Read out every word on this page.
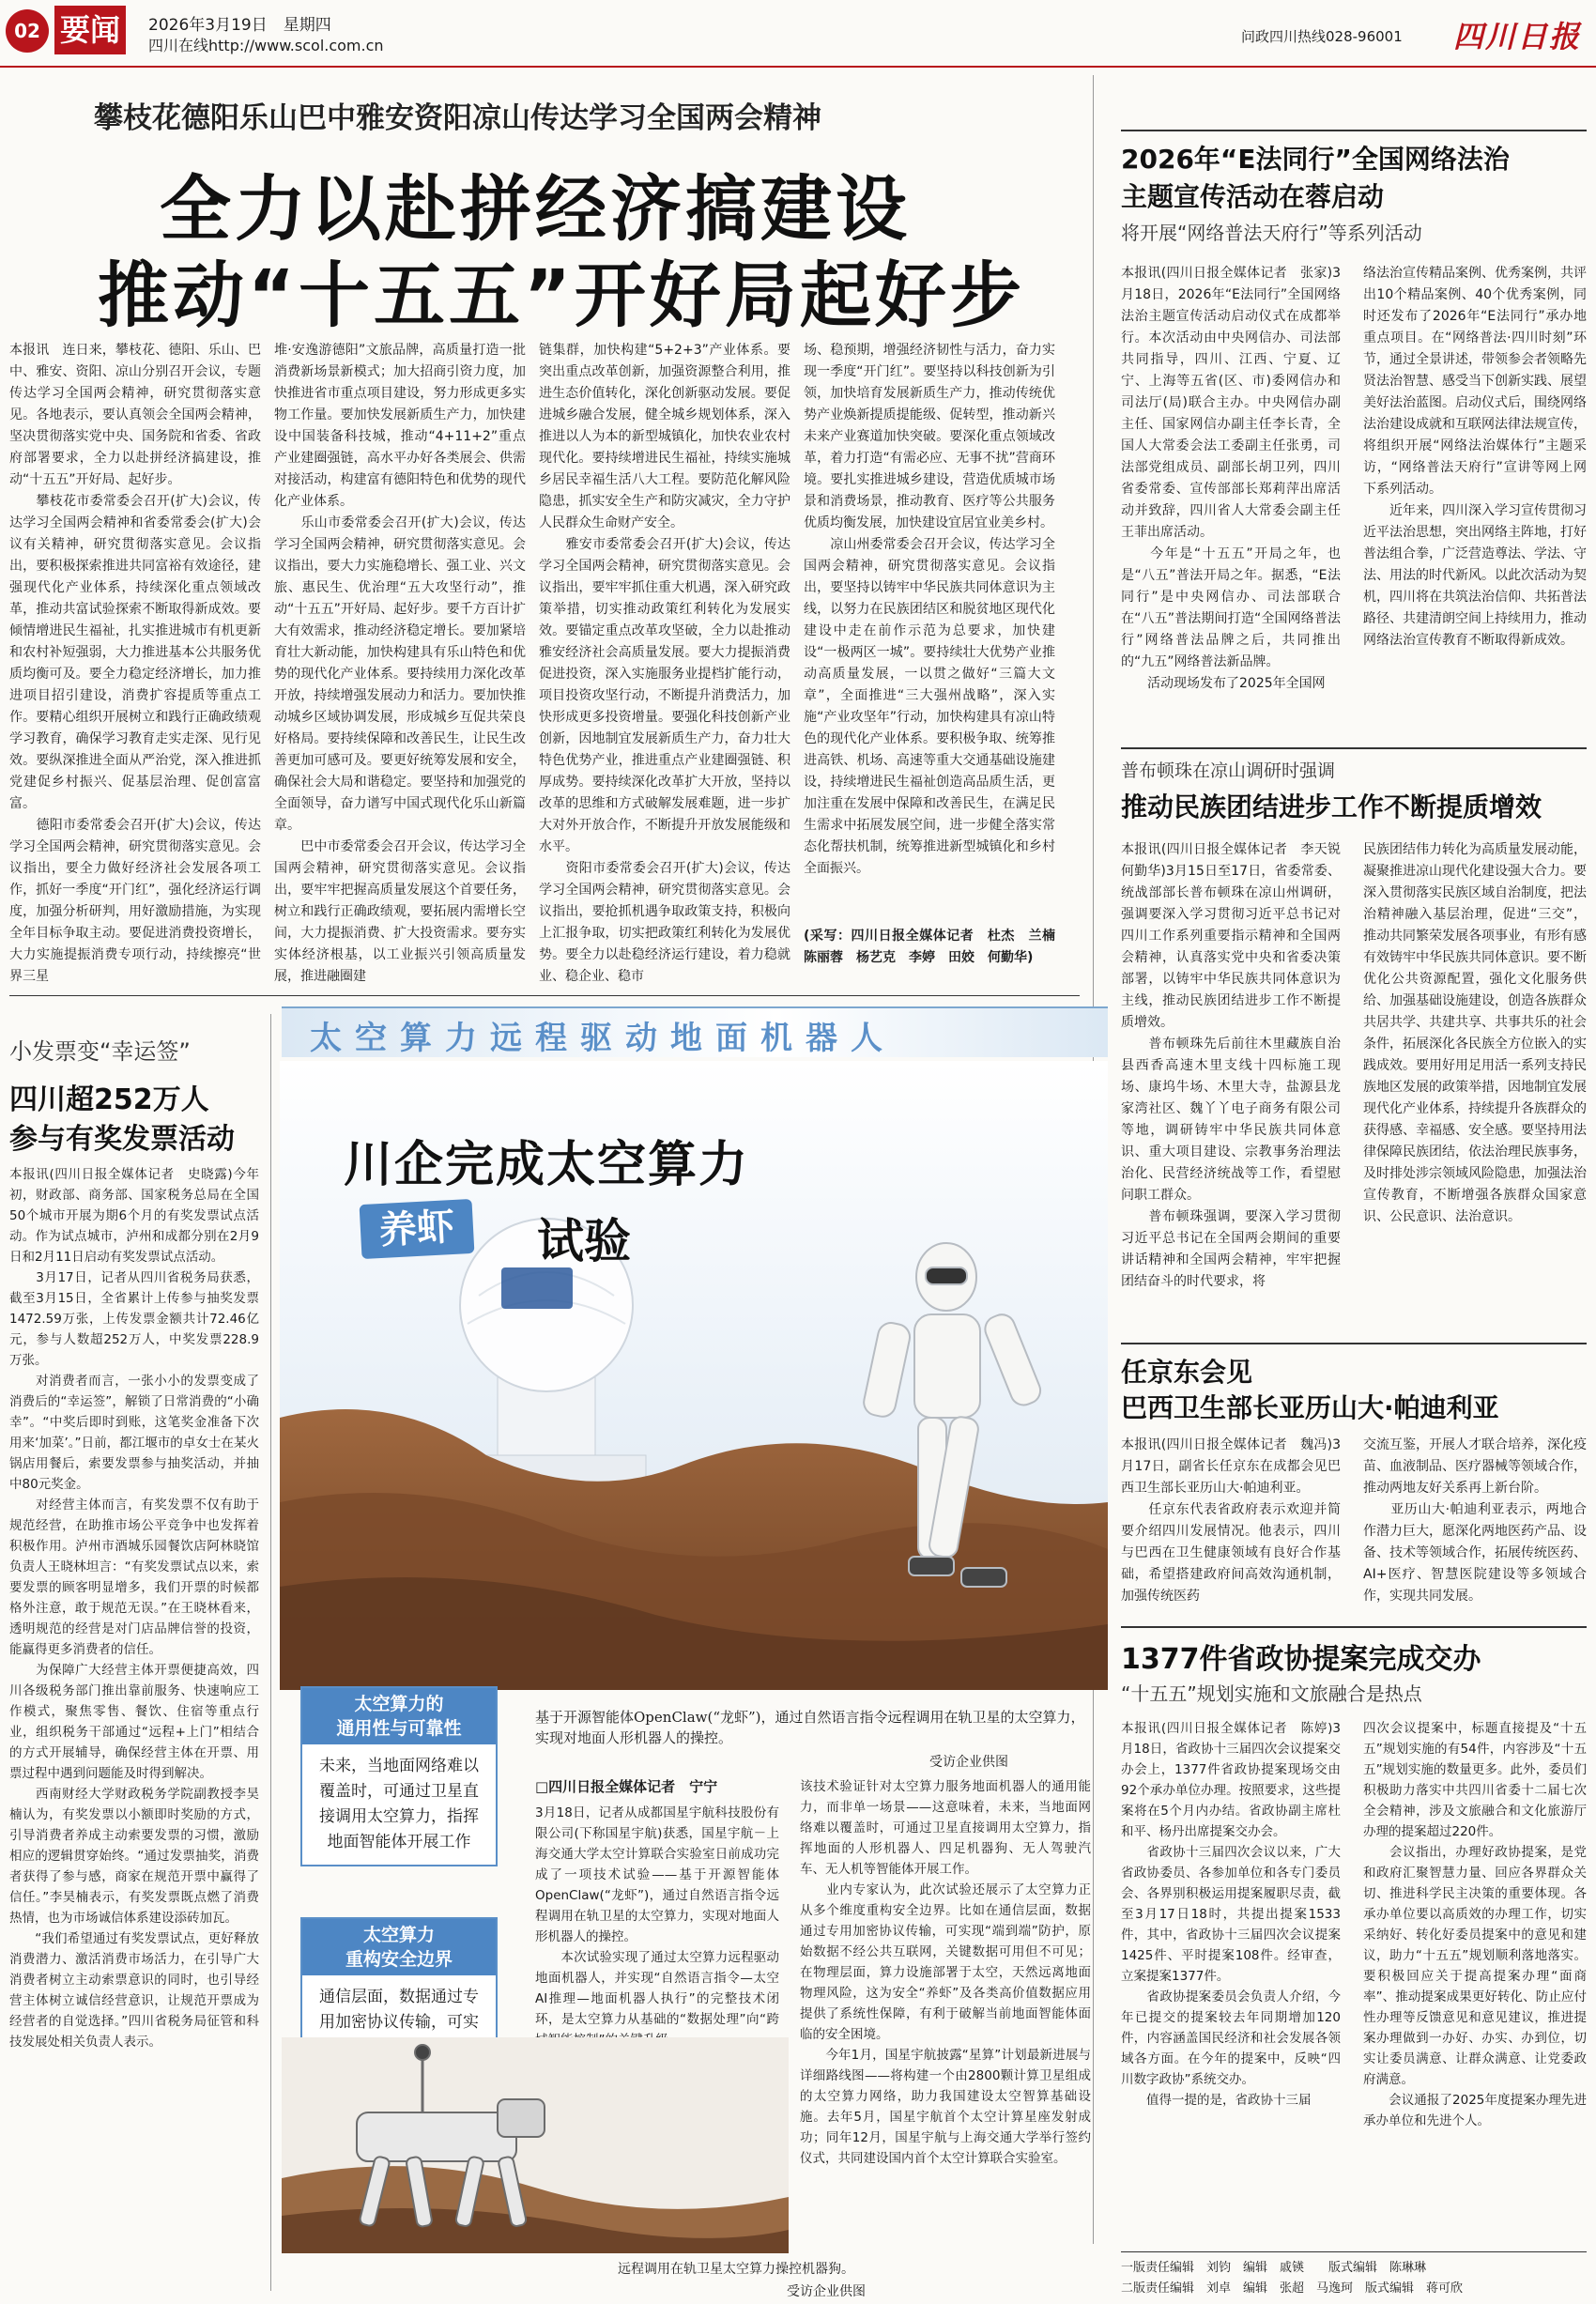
02 要闻	2026年3月19日　星期四
四川在线http://www.scol.com.cn	问政四川热线028-96001 四川日报
攀枝花德阳乐山巴中雅安资阳凉山传达学习全国两会精神
全力以赴拼经济搞建设
推动“十五五”开好局起好步
本报讯　连日来，攀枝花、德阳、乐山、巴中、雅安、资阳、凉山分别召开会议，专题传达学习全国两会精神，研究贯彻落实意见。各地表示，要认真领会全国两会精神，坚决贯彻落实党中央、国务院和省委、省政府部署要求，全力以赴拼经济搞建设，推动“十五五”开好局、起好步。
　　攀枝花市委常委会召开(扩大)会议，传达学习全国两会精神和省委常委会(扩大)会议有关精神，研究贯彻落实意见。会议指出，要积极探索推进共同富裕有效途径，建强现代化产业体系，持续深化重点领域改革，推动共富试验探索不断取得新成效。要倾情增进民生福祉，扎实推进城市有机更新和农村补短强弱，大力推进基本公共服务优质均衡可及。要全力稳定经济增长，加力推进项目招引建设，消费扩容提质等重点工作。要精心组织开展树立和践行正确政绩观学习教育，确保学习教育走实走深、见行见效。要纵深推进全面从严治党，深入推进抓党建促乡村振兴、促基层治理、促创富富富。
　　德阳市委常委会召开(扩大)会议，传达学习全国两会精神，研究贯彻落实意见。会议指出，要全力做好经济社会发展各项工作，抓好一季度“开门红”，强化经济运行调度，加强分析研判，用好激励措施，为实现全年目标争取主动。要促进消费投资增长，大力实施提振消费专项行动，持续擦亮“世界三星
堆·安逸游德阳”文旅品牌，高质量打造一批消费新场景新模式；加大招商引资力度，加快推进省市重点项目建设，努力形成更多实物工作量。要加快发展新质生产力，加快建设中国装备科技城，推动“4+11+2”重点产业建圈强链，高水平办好各类展会、供需对接活动，构建富有德阳特色和优势的现代化产业体系。
　　乐山市委常委会召开(扩大)会议，传达学习全国两会精神，研究贯彻落实意见。会议指出，要大力实施稳增长、强工业、兴文旅、惠民生、优治理“五大攻坚行动”，推动“十五五”开好局、起好步。要千方百计扩大有效需求，推动经济稳定增长。要加紧培育壮大新动能，加快构建具有乐山特色和优势的现代化产业体系。要持续用力深化改革开放，持续增强发展动力和活力。要加快推动城乡区域协调发展，形成城乡互促共荣良好格局。要持续保障和改善民生，让民生改善更加可感可及。要更好统筹发展和安全，确保社会大局和谐稳定。要坚持和加强党的全面领导，奋力谱写中国式现代化乐山新篇章。
　　巴中市委常委会召开会议，传达学习全国两会精神，研究贯彻落实意见。会议指出，要牢牢把握高质量发展这个首要任务，树立和践行正确政绩观，要拓展内需增长空间，大力提振消费、扩大投资需求。要夯实实体经济根基，以工业振兴引领高质量发展，推进融圈建
链集群，加快构建“5+2+3”产业体系。要突出重点改革创新，加强资源整合利用，推进生态价值转化，深化创新驱动发展。要促进城乡融合发展，健全城乡规划体系，深入推进以人为本的新型城镇化，加快农业农村现代化。要持续增进民生福祉，持续实施城乡居民幸福生活八大工程。要防范化解风险隐患，抓实安全生产和防灾减灾，全力守护人民群众生命财产安全。
　　雅安市委常委会召开(扩大)会议，传达学习全国两会精神，研究贯彻落实意见。会议指出，要牢牢抓住重大机遇，深入研究政策举措，切实推动政策红利转化为发展实效。要锚定重点改革攻坚破，全力以赴推动雅安经济社会高质量发展。要大力提振消费促进投资，深入实施服务业提档扩能行动，项目投资攻坚行动，不断提升消费活力，加快形成更多投资增量。要强化科技创新产业创新，因地制宜发展新质生产力，奋力壮大特色优势产业，推进重点产业建圈强链、积厚成势。要持续深化改革扩大开放，坚持以改革的思维和方式破解发展难题，进一步扩大对外开放合作，不断提升开放发展能级和水平。
　　资阳市委常委会召开(扩大)会议，传达学习全国两会精神，研究贯彻落实意见。会议指出，要抢抓机遇争取政策支持，积极向上汇报争取，切实把政策红利转化为发展优势。要全力以赴稳经济运行建设，着力稳就业、稳企业、稳市
场、稳预期，增强经济韧性与活力，奋力实现一季度“开门红”。要坚持以科技创新为引领，加快培育发展新质生产力，推动传统优势产业焕新提质提能级、促转型，推动新兴未来产业赛道加快突破。要深化重点领域改革，着力打造“有需必应、无事不扰”营商环境。要扎实推进城乡建设，营造优质城市场景和消费场景，推动教育、医疗等公共服务优质均衡发展，加快建设宜居宜业美乡村。
　　凉山州委常委会召开会议，传达学习全国两会精神，研究贯彻落实意见。会议指出，要坚持以铸牢中华民族共同体意识为主线，以努力在民族团结区和脱贫地区现代化建设中走在前作示范为总要求，加快建设“一极两区一城”。要持续壮大优势产业推动高质量发展，一以贯之做好“三篇大文章”，全面推进“三大强州战略”，深入实施“产业攻坚年”行动，加快构建具有凉山特色的现代化产业体系。要积极争取、统筹推进高铁、机场、高速等重大交通基础设施建设，持续增进民生福祉创造高品质生活，更加注重在发展中保障和改善民生，在满足民生需求中拓展发展空间，进一步健全落实常态化帮扶机制，统筹推进新型城镇化和乡村全面振兴。
(采写：四川日报全媒体记者　杜杰　兰楠　陈丽蓉　杨艺克　李婷　田姣　何勤华)
2026年“E法同行”全国网络法治
主题宣传活动在蓉启动
将开展“网络普法天府行”等系列活动
本报讯(四川日报全媒体记者　张家)3月18日，2026年“E法同行”全国网络法治主题宣传活动启动仪式在成都举行。本次活动由中央网信办、司法部共同指导，四川、江西、宁夏、辽宁、上海等五省(区、市)委网信办和司法厅(局)联合主办。中央网信办副主任、国家网信办副主任李长青，全国人大常委会法工委副主任张勇，司法部党组成员、副部长胡卫列，四川省委常委、宣传部部长郑莉萍出席活动并致辞，四川省人大常委会副主任王菲出席活动。
　　今年是“十五五”开局之年，也是“八五”普法开局之年。据悉，“E法同行”是中央网信办、司法部联合在“八五”普法期间打造“全国网络普法行”网络普法品牌之后，共同推出的“九五”网络普法新品牌。
　　活动现场发布了2025年全国网
络法治宣传精品案例、优秀案例，共评出10个精品案例、40个优秀案例，同时还发布了2026年“E法同行”承办地重点项目。在“网络普法·四川时刻”环节，通过全景讲述，带领参会者领略先贤法治智慧、感受当下创新实践、展望美好法治蓝图。启动仪式后，围绕网络法治建设成就和互联网法律法规宣传，将组织开展“网络法治媒体行”主题采访，“网络普法天府行”宣讲等网上网下系列活动。
　　近年来，四川深入学习宣传贯彻习近平法治思想，突出网络主阵地，打好普法组合拳，广泛营造尊法、学法、守法、用法的时代新风。以此次活动为契机，四川将在共筑法治信仰、共拓普法路径、共建清朗空间上持续用力，推动网络法治宣传教育不断取得新成效。
普布顿珠在凉山调研时强调
推动民族团结进步工作不断提质增效
本报讯(四川日报全媒体记者　李天锐　何勤华)3月15日至17日，省委常委、统战部部长普布顿珠在凉山州调研，强调要深入学习贯彻习近平总书记对四川工作系列重要指示精神和全国两会精神，认真落实党中央和省委决策部署，以铸牢中华民族共同体意识为主线，推动民族团结进步工作不断提质增效。
　　普布顿珠先后前往木里藏族自治县西香高速木里支线十四标施工现场、康坞牛场、木里大寺，盐源县龙家湾社区、魏丫丫电子商务有限公司等地，调研铸牢中华民族共同体意识、重大项目建设、宗教事务治理法治化、民营经济统战等工作，看望慰问职工群众。
　　普布顿珠强调，要深入学习贯彻习近平总书记在全国两会期间的重要讲话精神和全国两会精神，牢牢把握团结奋斗的时代要求，将
民族团结伟力转化为高质量发展动能，凝聚推进凉山现代化建设强大合力。要深入贯彻落实民族区域自治制度，把法治精神融入基层治理，促进“三交”，推动共同繁荣发展各项事业，有形有感有效铸牢中华民族共同体意识。要不断优化公共资源配置，强化文化服务供给、加强基础设施建设，创造各族群众共居共学、共建共享、共事共乐的社会条件，拓展深化各民族全方位嵌入的实践成效。要用好用足用活一系列支持民族地区发展的政策举措，因地制宜发展现代化产业体系，持续提升各族群众的获得感、幸福感、安全感。要坚持用法律保障民族团结，依法治理民族事务，及时排处涉宗领域风险隐患，加强法治宣传教育，不断增强各族群众国家意识、公民意识、法治意识。
任京东会见
巴西卫生部长亚历山大·帕迪利亚
本报讯(四川日报全媒体记者　魏冯)3月17日，副省长任京东在成都会见巴西卫生部长亚历山大·帕迪利亚。
　　任京东代表省政府表示欢迎并简要介绍四川发展情况。他表示，四川与巴西在卫生健康领域有良好合作基础，希望搭建政府间高效沟通机制，加强传统医药
交流互鉴，开展人才联合培养，深化疫苗、血液制品、医疗器械等领域合作，推动两地友好关系再上新台阶。
　　亚历山大·帕迪利亚表示，两地合作潜力巨大，愿深化两地医药产品、设备、技术等领域合作，拓展传统医药、AI+医疗、智慧医院建设等多领域合作，实现共同发展。
1377件省政协提案完成交办
“十五五”规划实施和文旅融合是热点
本报讯(四川日报全媒体记者　陈婷)3月18日，省政协十三届四次会议提案交办会上，1377件省政协提案现场交由92个承办单位办理。按照要求，这些提案将在5个月内办结。省政协副主席杜和平、杨丹出席提案交办会。
　　省政协十三届四次会议以来，广大省政协委员、各参加单位和各专门委员会、各界别积极运用提案履职尽责，截至3月17日18时，共提出提案1533件，其中，省政协十三届四次会议提案1425件、平时提案108件。经审查，立案提案1377件。
　　省政协提案委员会负责人介绍，今年已提交的提案较去年同期增加120件，内容涵盖国民经济和社会发展各领域各方面。在今年的提案中，反映“四川数字政协”系统交办。
　　值得一提的是，省政协十三届
四次会议提案中，标题直接提及“十五五”规划实施的有54件，内容涉及“十五五”规划实施的数量更多。此外，委员们积极助力落实中共四川省委十二届七次全会精神，涉及文旅融合和文化旅游厅办理的提案超过220件。
　　会议指出，办理好政协提案，是党和政府汇聚智慧力量、回应各界群众关切、推进科学民主决策的重要体现。各承办单位要以高质效的办理工作，切实采纳好、转化好委员提案中的意见和建议，助力“十五五”规划顺利落地落实。要积极回应关于提高提案办理“面商率”、推动提案成果更好转化、防止应付性办理等反馈意见和意见建议，推进提案办理做到一办好、办实、办到位，切实让委员满意、让群众满意、让党委政府满意。
　　会议通报了2025年度提案办理先进承办单位和先进个人。
小发票变“幸运签”
四川超252万人
参与有奖发票活动
本报讯(四川日报全媒体记者　史晓露)今年初，财政部、商务部、国家税务总局在全国50个城市开展为期6个月的有奖发票试点活动。作为试点城市，泸州和成都分别在2月9日和2月11日启动有奖发票试点活动。
　　3月17日，记者从四川省税务局获悉，截至3月15日，全省累计上传参与抽奖发票1472.59万张，上传发票金额共计72.46亿元，参与人数超252万人，中奖发票228.9万张。
　　对消费者而言，一张小小的发票变成了消费后的“幸运签”，解锁了日常消费的“小确幸”。“中奖后即时到账，这笔奖金准备下次用来‘加菜’。”日前，都江堰市的卓女士在某火锅店用餐后，索要发票参与抽奖活动，并抽中80元奖金。
　　对经营主体而言，有奖发票不仅有助于规范经营，在助推市场公平竞争中也发挥着积极作用。泸州市酒城乐园餐饮店阿林晓馆负责人王晓林坦言：“有奖发票试点以来，索要发票的顾客明显增多，我们开票的时候都格外注意，敢于规范无误。”在王晓林看来，透明规范的经营是对门店品牌信誉的投资，能赢得更多消费者的信任。
　　为保障广大经营主体开票便捷高效，四川各级税务部门推出靠前服务、快速响应工作模式，聚焦零售、餐饮、住宿等重点行业，组织税务干部通过“远程+上门”相结合的方式开展辅导，确保经营主体在开票、用票过程中遇到问题能及时得到解决。
　　西南财经大学财政税务学院副教授李昊楠认为，有奖发票以小额即时奖励的方式，引导消费者养成主动索要发票的习惯，激励相应的逻辑贯穿始终。“通过发票抽奖，消费者获得了参与感，商家在规范开票中赢得了信任。”李昊楠表示，有奖发票既点燃了消费热情，也为市场诚信体系建设添砖加瓦。
　　“我们希望通过有奖发票试点，更好释放消费潜力、激活消费市场活力，在引导广大消费者树立主动索票意识的同时，也引导经营主体树立诚信经营意识，让规范开票成为经营者的自觉选择。”四川省税务局征管和科技发展处相关负责人表示。
太空算力远程驱动地面机器人
川企完成太空算力
养虾	试验
基于开源智能体OpenClaw(“龙虾”)，通过自然语言指令远程调用在轨卫星的太空算力，实现对地面人形机器人的操控。
受访企业供图
太空算力的
通用性与可靠性
未来，当地面网络难以覆盖时，可通过卫星直接调用太空算力，指挥地面智能体开展工作
太空算力
重构安全边界
通信层面，数据通过专用加密协议传输，可实
□四川日报全媒体记者　宁宁
3月18日，记者从成都国星宇航科技股份有限公司(下称国星宇航)获悉，国星宇航－上海交通大学太空计算联合实验室日前成功完成了一项技术试验——基于开源智能体OpenClaw(“龙虾”)，通过自然语言指令远程调用在轨卫星的太空算力，实现对地面人形机器人的操控。
　　本次试验实现了通过太空算力远程驱动地面机器人，并实现“自然语言指令—太空AI推理—地面机器人执行”的完整技术闭环，是太空算力从基础的“数据处理”向“跨

该技术验证针对太空算力服务地面机器人的通用能力，而非单一场景——这意味着，未来，当地面网络难以覆盖时，可通过卫星直接调用太空算力，指挥地面的人形机器人、四足机器狗、无人驾驶汽车、无人机等智能体开展工作。
　　业内专家认为，此次试验还展示了太空算力正从多个维度重构安全边界。比如在通信层面，数据通过专用加密协议传输，可实现“端到端”防护，原始数据不经公共互联网，关键数据可用但不可见；在物理层面，算力设施部署于太空，天然远离地面物理风险，这为安全“养虾”及各类高价值数据应用提供了系统性保障，有利于破解当前地面智能体面临的安全困境。
　　今年1月，国星宇航披露“星算”计划最新进展与详细路线图——将构建一个由2800颗计算卫星组成的太空算力网络，助力我国建设太空智算基础设施。去年5月，国星宇航首个太空计算星座发射成功；同年12月，国星宇航与上海交通大学举行签约仪式，共同建设国内首个太空计算联合实验室。
远程调用在轨卫星太空算力操控机器狗。
受访企业供图
一版责任编辑　刘钧　编辑　戚锳　　版式编辑　陈琳琳
二版责任编辑　刘卓　编辑　张超　马逸珂　版式编辑　蒋可欣
